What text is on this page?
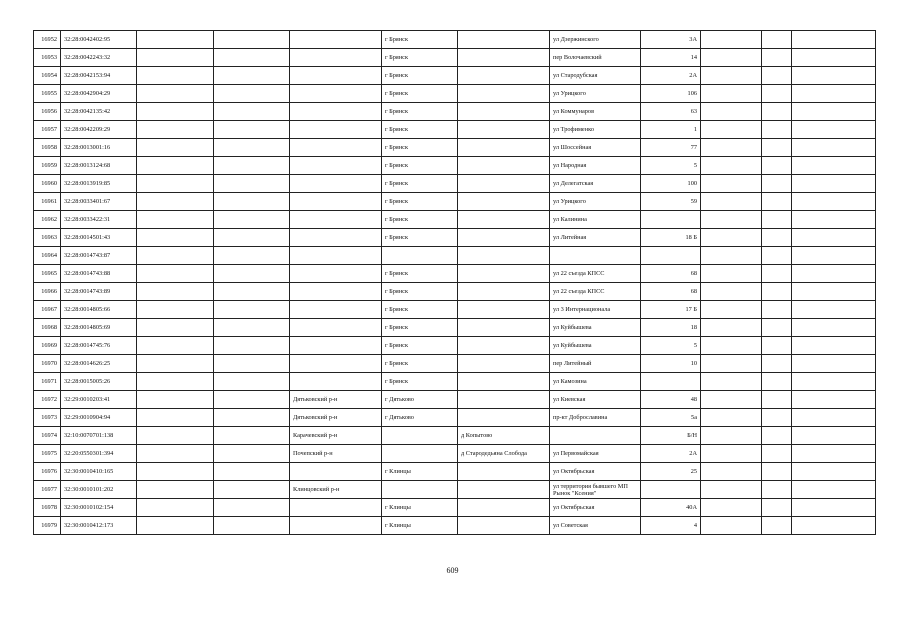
16952	32:28:0042402:95				г Брянск		ул Дзержинского	3А			
16953	32:28:0042243:32				г Брянск		пер Волочаевский	14			
16954	32:28:0042153:94				г Брянск		ул Стародубская	2А			
16955	32:28:0042904:29				г Брянск		ул Урицкого	106			
16956	32:28:0042135:42				г Брянск		ул Коммунаров	63			
16957	32:28:0042209:29				г Брянск		ул Трофименко	1			
16958	32:28:0013001:16				г Брянск		ул Шоссейная	77			
16959	32:28:0013124:68				г Брянск		ул Народная	5			
16960	32:28:0013919:85				г Брянск		ул Делегатская	100			
16961	32:28:0033401:67				г Брянск		ул Урицкого	59			
16962	32:28:0033422:31				г Брянск		ул Калинина				
16963	32:28:0014501:43				г Брянск		ул Литейная	18 Б			
16964	32:28:0014743:87										
16965	32:28:0014743:88				г Брянск		ул 22 съезда КПСС	68			
16966	32:28:0014743:89				г Брянск		ул 22 съезда КПСС	68			
16967	32:28:0014805:66				г Брянск		ул 3 Интернационала	17 Б			
16968	32:28:0014805:69				г Брянск		ул Куйбышева	18			
16969	32:28:0014745:76				г Брянск		ул Куйбышева	5			
16970	32:28:0014626:25				г Брянск		пер Литейный	10			
16971	32:28:0015005:26				г Брянск		ул Камозина				
16972	32:29:0010203:41			Дятьковский р-н	г Дятьково		ул Киевская	48			
16973	32:29:0010904:94			Дятьковский р-н	г Дятьково		пр-кт Доброславина	5а			
16974	32:10:0070701:138			Карачевский р-н		д Копытово		Б/Н			
16975	32:20:0550301:394			Почепский р-н		д Стародедьяна Слобода	ул Первомайская	2А			
16976	32:30:0010410:165				г Клинцы		ул Октябрьская	25			
16977	32:30:0010101:202			Клинцовский р-н			ул территория бывшего МП Рынок "Ксения"				
16978	32:30:0010102:154				г Клинцы		ул Октябрьская	40А			
16979	32:30:0010412:173				г Клинцы		ул Советская	4			
609
